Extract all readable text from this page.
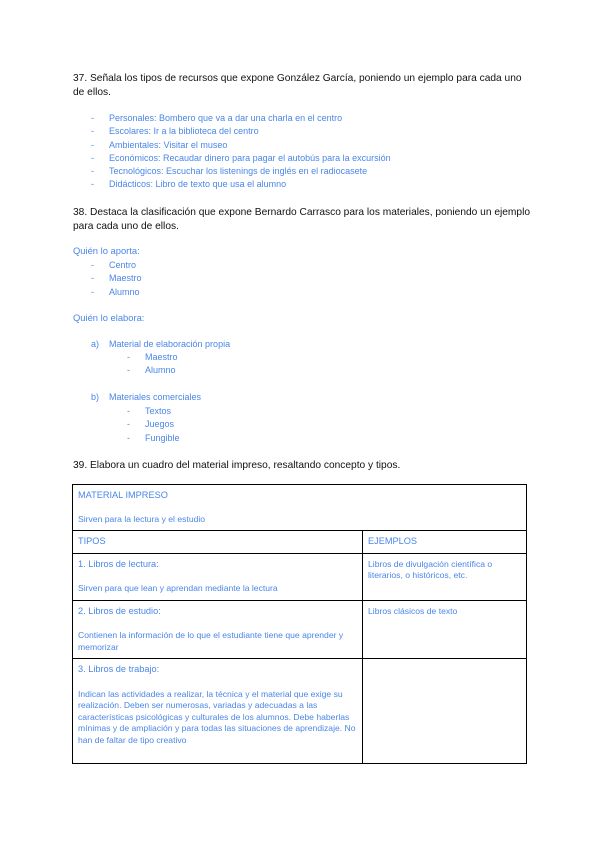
37. Señala los tipos de recursos que expone González García, poniendo un ejemplo para cada uno de ellos.
- Personales: Bombero que va a dar una charla en el centro
- Escolares: Ir a la biblioteca del centro
- Ambientales: Visitar el museo
- Económicos: Recaudar dinero para pagar el autobús para la excursión
- Tecnológicos: Escuchar los listenings de inglés en el radiocasete
- Didácticos: Libro de texto que usa el alumno
38. Destaca la clasificación que expone Bernardo Carrasco para los materiales, poniendo un ejemplo para cada uno de ellos.
Quién lo aporta:
- Centro
- Maestro
- Alumno
Quién lo elabora:
a) Material de elaboración propia
- Maestro
- Alumno
b) Materiales comerciales
- Textos
- Juegos
- Fungible
39. Elabora un cuadro del material impreso, resaltando concepto y tipos.
MATERIAL IMPRESO
Sirven para la lectura y el estudio	

TIPOS	EJEMPLOS

1. Libros de lectura:
Sirven para que lean y aprendan mediante la lectura	Libros de divulgación científica o literarios, o históricos, etc.

2. Libros de estudio:
Contienen la información de lo que el estudiante tiene que aprender y memorizar	Libros clásicos de texto

3. Libros de trabajo:
Indican las actividades a realizar, la técnica y el material que exige su realización. Deben ser numerosas, variadas y adecuadas a las características psicológicas y culturales de los alumnos. Debe haberlas mínimas y de ampliación y para todas las situaciones de aprendizaje. No han de faltar de tipo creativo	
